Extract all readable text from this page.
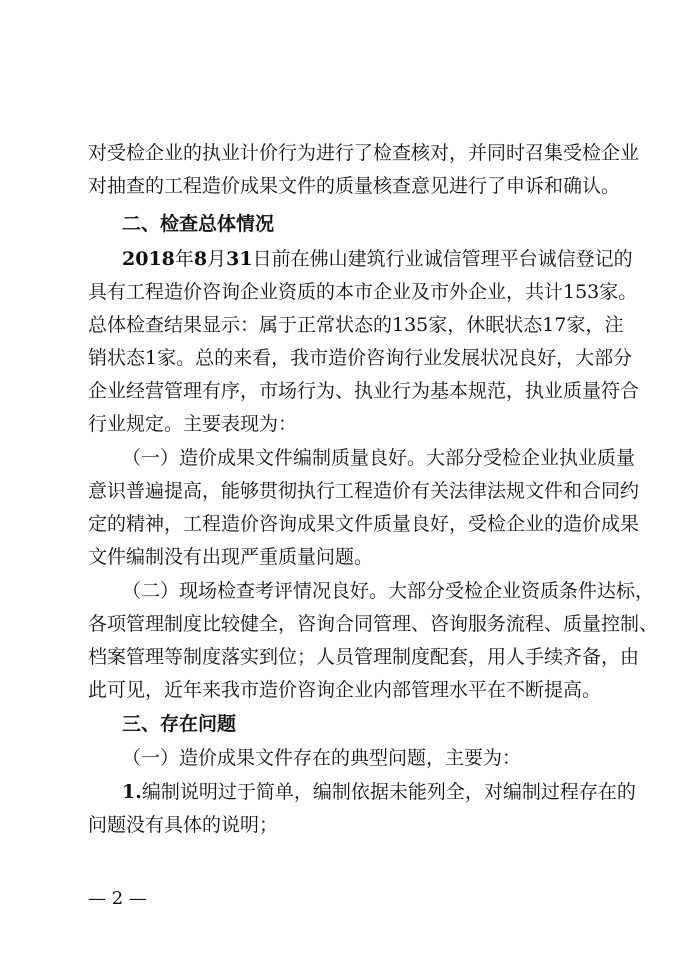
对受检企业的执业计价行为进行了检查核对，并同时召集受检企业
对抽查的工程造价成果文件的质量核查意见进行了申诉和确认。
二、检查总体情况
2018年8月31日前在佛山建筑行业诚信管理平台诚信登记的
具有工程造价咨询企业资质的本市企业及市外企业，共计153家。
总体检查结果显示：属于正常状态的135家，休眠状态17家，注
销状态1家。总的来看，我市造价咨询行业发展状况良好，大部分
企业经营管理有序，市场行为、执业行为基本规范，执业质量符合
行业规定。主要表现为：
（一）造价成果文件编制质量良好。大部分受检企业执业质量
意识普遍提高，能够贯彻执行工程造价有关法律法规文件和合同约
定的精神，工程造价咨询成果文件质量良好，受检企业的造价成果
文件编制没有出现严重质量问题。
（二）现场检查考评情况良好。大部分受检企业资质条件达标，
各项管理制度比较健全，咨询合同管理、咨询服务流程、质量控制、
档案管理等制度落实到位；人员管理制度配套，用人手续齐备，由
此可见，近年来我市造价咨询企业内部管理水平在不断提高。
三、存在问题
（一）造价成果文件存在的典型问题，主要为：
1.编制说明过于简单，编制依据未能列全，对编制过程存在的
问题没有具体的说明；
— 2 —
